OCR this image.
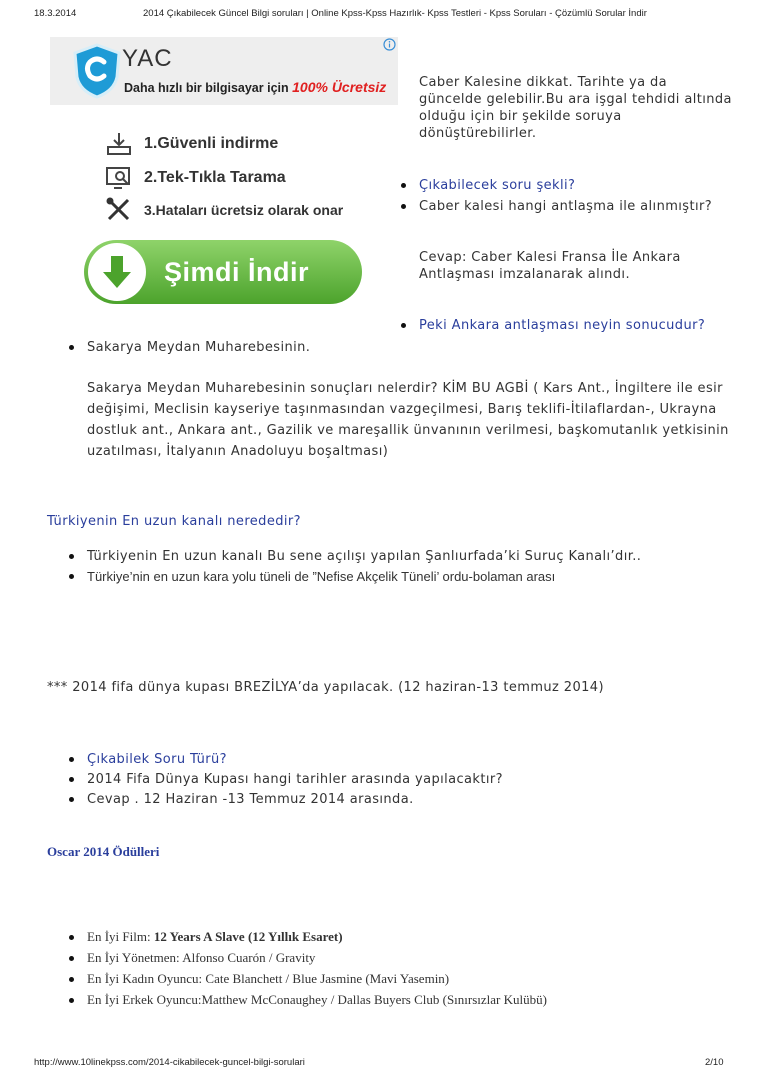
18.3.2014	2014 Çıkabilecek Güncel Bilgi soruları | Online Kpss-Kpss Hazırlık- Kpss Testleri - Kpss Soruları - Çözümlü Sorular İndir
YAC
Daha hızlı bir bilgisayar için 100% Ücretsiz
1.Güvenli indirme
2.Tek-Tıkla Tarama
3.Hataları ücretsiz olarak onar
Şimdi İndir
Caber Kalesine dikkat. Tarihte ya da
güncelde gelebilir.Bu ara işgal tehdidi altında
olduğu için bir şekilde soruya
dönüştürebilirler.
Çıkabilecek soru şekli?
Caber kalesi hangi antlaşma ile alınmıştır?
Cevap: Caber Kalesi Fransa İle Ankara
Antlaşması imzalanarak alındı.
Peki Ankara antlaşması neyin sonucudur?
Sakarya Meydan Muharebesinin.
Sakarya Meydan Muharebesinin sonuçları nelerdir? KİM BU AGBİ ( Kars Ant., İngiltere ile esir
değişimi, Meclisin kayseriye taşınmasından vazgeçilmesi, Barış teklifi-İtilaflardan-, Ukrayna
dostluk ant., Ankara ant., Gazilik ve mareşallik ünvanının verilmesi, başkomutanlık yetkisinin
uzatılması, İtalyanın Anadoluyu boşaltması)
Türkiyenin En uzun kanalı nerededir?
Türkiyenin En uzun kanalı Bu sene açılışı yapılan Şanlıurfada’ki Suruç Kanalı’dır..
Türkiye’nin en uzun kara yolu tüneli de ”Nefise Akçelik Tüneli’ ordu-bolaman arası
*** 2014 fifa dünya kupası BREZİLYA’da yapılacak. (12 haziran-13 temmuz 2014)
Çıkabilek Soru Türü?
2014 Fifa Dünya Kupası hangi tarihler arasında yapılacaktır?
Cevap . 12 Haziran -13 Temmuz 2014 arasında.
Oscar 2014 Ödülleri
En İyi Film: 12 Years A Slave (12 Yıllık Esaret)
En İyi Yönetmen: Alfonso Cuarón / Gravity
En İyi Kadın Oyuncu: Cate Blanchett / Blue Jasmine (Mavi Yasemin)
En İyi Erkek Oyuncu:Matthew McConaughey / Dallas Buyers Club (Sınırsızlar Kulübü)
http://www.10linekpss.com/2014-cikabilecek-guncel-bilgi-sorulari	2/10
